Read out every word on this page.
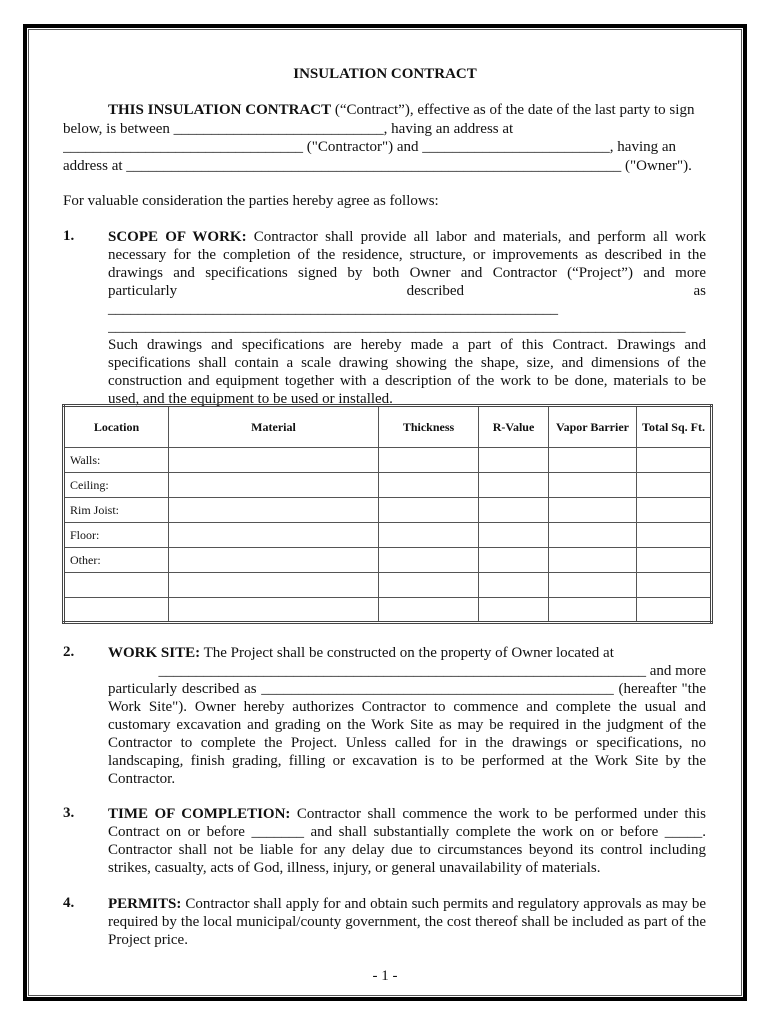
INSULATION CONTRACT
THIS INSULATION CONTRACT (“Contract”), effective as of the date of the last party to sign
below, is between ____________________________, having an address at
________________________________ ("Contractor") and _________________________, having an
address at __________________________________________________________________ ("Owner").
For valuable consideration the parties hereby agree as follows:
1. SCOPE OF WORK: Contractor shall provide all labor and materials, and perform all work necessary for the completion of the residence, structure, or improvements as described in the drawings and specifications signed by both Owner and Contractor (“Project”) and more particularly described as ____________________________________________________________
_____________________________________________________________________________
Such drawings and specifications are hereby made a part of this Contract. Drawings and specifications shall contain a scale drawing showing the shape, size, and dimensions of the construction and equipment together with a description of the work to be done, materials to be used, and the equipment to be used or installed.
Location	Material	Thickness	R-Value	Vapor Barrier	Total Sq. Ft.
Walls:					
Ceiling:					
Rim Joist:					
Floor:					
Other:					

2. WORK SITE: The Project shall be constructed on the property of Owner located at
_________________________________________________________________ and more
particularly described as _______________________________________________ (hereafter "the Work Site"). Owner hereby authorizes Contractor to commence and complete the usual and customary excavation and grading on the Work Site as may be required in the judgment of the Contractor to complete the Project. Unless called for in the drawings or specifications, no landscaping, finish grading, filling or excavation is to be performed at the Work Site by the Contractor.
3. TIME OF COMPLETION: Contractor shall commence the work to be performed under this Contract on or before _______ and shall substantially complete the work on or before _____. Contractor shall not be liable for any delay due to circumstances beyond its control including strikes, casualty, acts of God, illness, injury, or general unavailability of materials.
4. PERMITS: Contractor shall apply for and obtain such permits and regulatory approvals as may be required by the local municipal/county government, the cost thereof shall be included as part of the Project price.
- 1 -
